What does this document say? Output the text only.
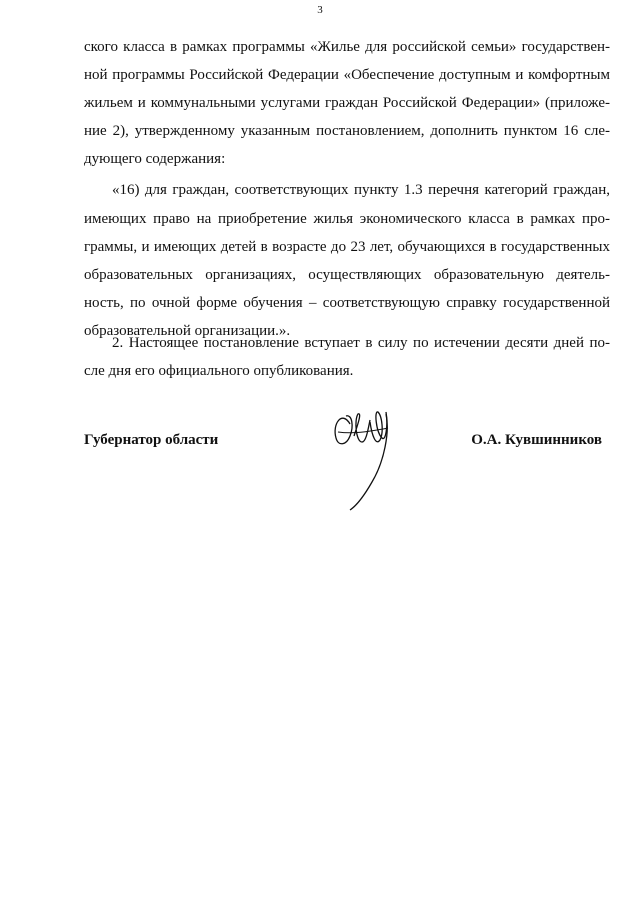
3
ского класса в рамках программы «Жилье для российской семьи» государствен-
ной программы Российской Федерации «Обеспечение доступным и комфортным
жильем и коммунальными услугами граждан Российской Федерации» (приложе-
ние 2), утвержденному указанным постановлением, дополнить пунктом 16 сле-
дующего содержания:
«16) для граждан, соответствующих пункту 1.3 перечня категорий граждан,
имеющих право на приобретение жилья экономического класса в рамках про-
граммы, и имеющих детей в возрасте до 23 лет, обучающихся в государственных
образовательных организациях, осуществляющих образовательную деятель-
ность, по очной форме обучения – соответствующую справку государственной
образовательной организации.».
2. Настоящее постановление вступает в силу по истечении десяти дней по-
сле дня его официального опубликования.
Губернатор области	О.А. Кувшинников
